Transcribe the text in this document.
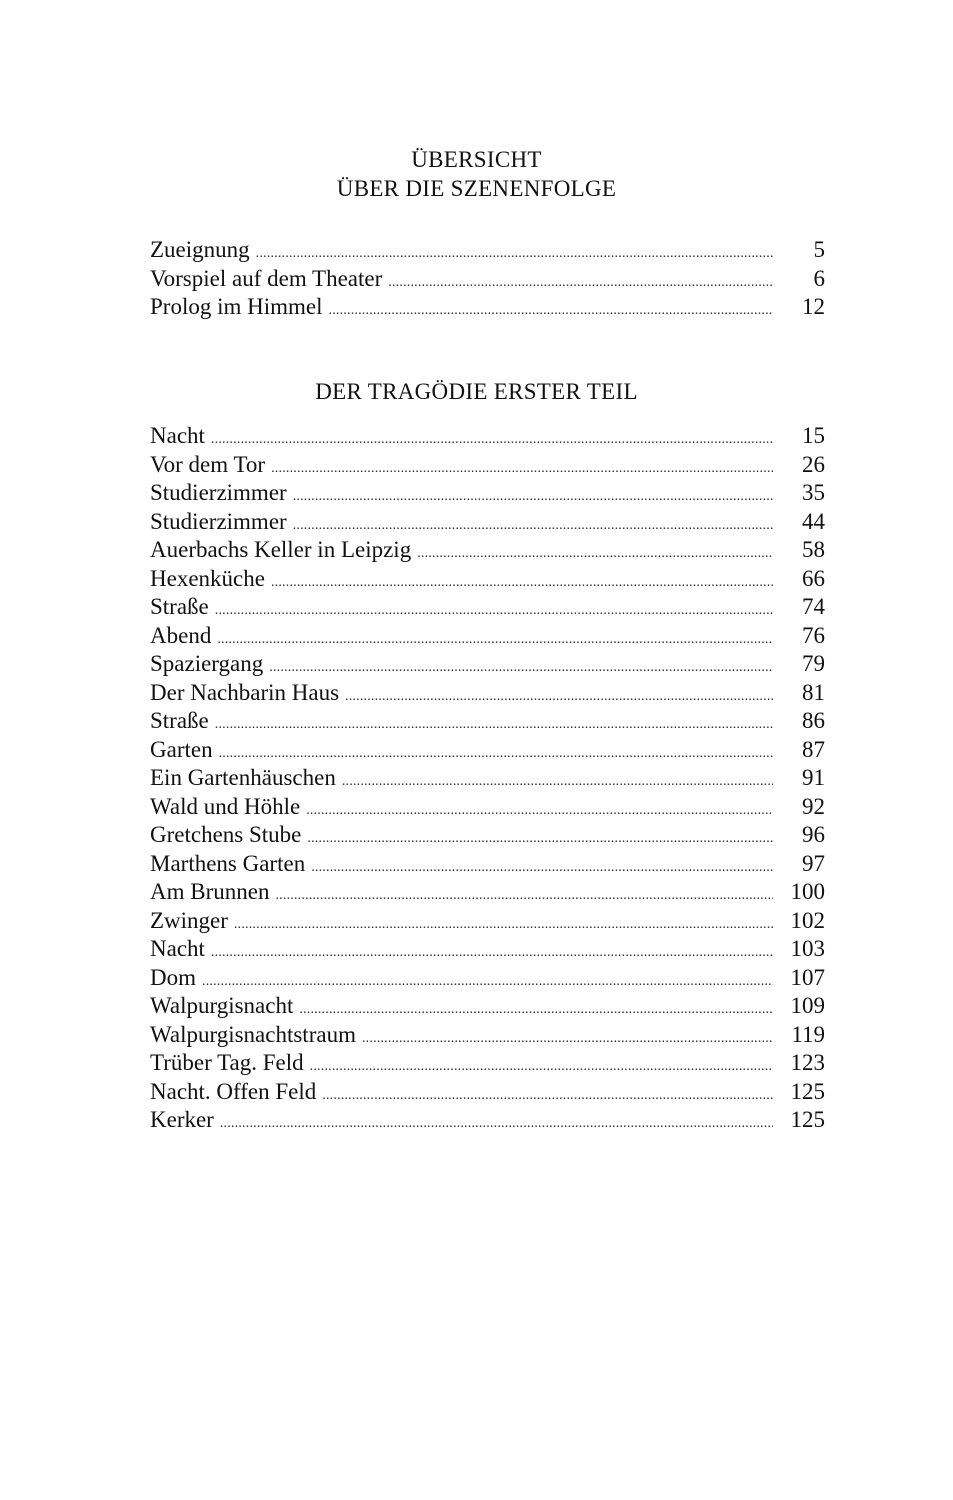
ÜBERSICHT
ÜBER DIE SZENENFOLGE
Zueignung .....	5
Vorspiel auf dem Theater .....	6
Prolog im Himmel .....	12
DER TRAGÖDIE ERSTER TEIL
Nacht .....	15
Vor dem Tor .....	26
Studierzimmer .....	35
Studierzimmer .....	44
Auerbachs Keller in Leipzig .....	58
Hexenküche .....	66
Straße .....	74
Abend .....	76
Spaziergang .....	79
Der Nachbarin Haus .....	81
Straße .....	86
Garten .....	87
Ein Gartenhäuschen .....	91
Wald und Höhle .....	92
Gretchens Stube .....	96
Marthens Garten .....	97
Am Brunnen .....	100
Zwinger .....	102
Nacht .....	103
Dom .....	107
Walpurgisnacht .....	109
Walpurgisnachtstraum .....	119
Trüber Tag. Feld .....	123
Nacht. Offen Feld .....	125
Kerker .....	125
